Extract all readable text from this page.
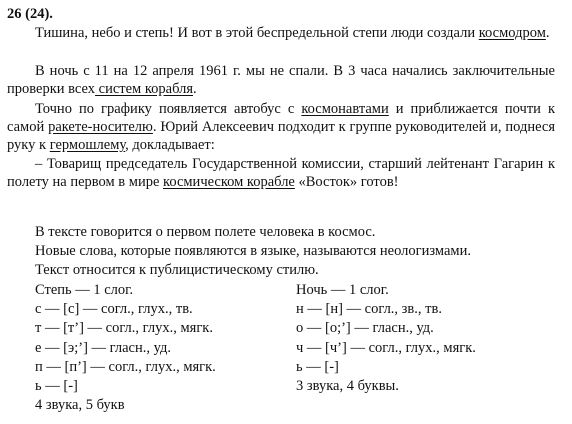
26 (24).
Тишина, небо и степь! И вот в этой беспредельной степи люди создали космодром.
В ночь с 11 на 12 апреля 1961 г. мы не спали. В 3 часа начались заключительные проверки всех систем корабля.
Точно по графику появляется автобус с космонавтами и приближается почти к самой ракете-носителю. Юрий Алексеевич подходит к группе руководителей и, поднеся руку к гермошлему, докладывает:
– Товарищ председатель Государственной комиссии, старший лейтенант Гагарин к полету на первом в мире космическом корабле «Восток» готов!
В тексте говорится о первом полете человека в космос.
Новые слова, которые появляются в языке, называются неологизмами.
Текст относится к публицистическому стилю.
Степь — 1 слог.
с — [с] — согл., глух., тв.
т — [т’] — согл., глух., мягк.
е — [э;’] — гласн., уд.
п — [п’] — согл., глух., мягк.
ь — [-]
4 звука, 5 букв
Ночь — 1 слог.
н — [н] — согл., зв., тв.
о — [о;’] — гласн., уд.
ч — [ч’] — согл., глух., мягк.
ь — [-]
3 звука, 4 буквы.
